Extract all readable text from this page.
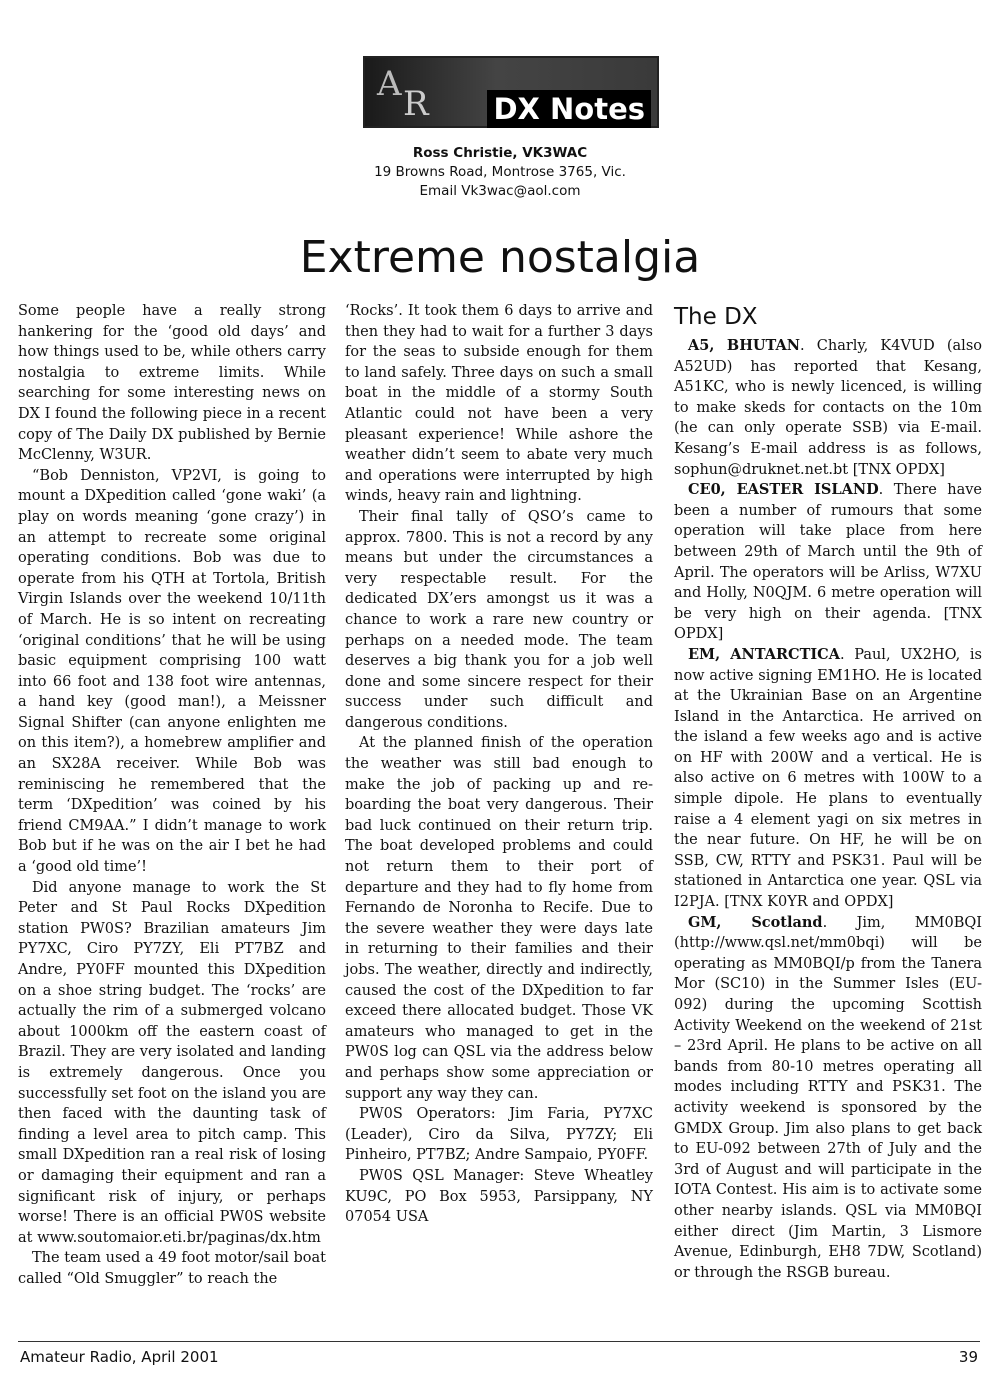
A R DX Notes
Ross Christie, VK3WAC
19 Browns Road, Montrose 3765, Vic.
Email Vk3wac@aol.com
Extreme nostalgia

Some people have a really strong hankering for the ‘good old days’ and how things used to be, while others carry nostalgia to extreme limits. While searching for some interesting news on DX I found the following piece in a recent copy of The Daily DX published by Bernie McClenny, W3UR.

“Bob Denniston, VP2VI, is going to mount a DXpedition called ‘gone waki’ (a play on words meaning ‘gone crazy’) in an attempt to recreate some original operating conditions. Bob was due to operate from his QTH at Tortola, British Virgin Islands over the weekend 10/11th of March. He is so intent on recreating ‘original conditions’ that he will be using basic equipment comprising 100 watt into 66 foot and 138 foot wire antennas, a hand key (good man!), a Meissner Signal Shifter (can anyone enlighten me on this item?), a homebrew amplifier and an SX28A receiver. While Bob was reminiscing he remembered that the term ‘DXpedition’ was coined by his friend CM9AA.” I didn’t manage to work Bob but if he was on the air I bet he had a ‘good old time’!

Did anyone manage to work the St Peter and St Paul Rocks DXpedition station PW0S? Brazilian amateurs Jim PY7XC, Ciro PY7ZY, Eli PT7BZ and Andre, PY0FF mounted this DXpedition on a shoe string budget. The ‘rocks’ are actually the rim of a submerged volcano about 1000km off the eastern coast of Brazil. They are very isolated and landing is extremely dangerous. Once you successfully set foot on the island you are then faced with the daunting task of finding a level area to pitch camp. This small DXpedition ran a real risk of losing or damaging their equipment and ran a significant risk of injury, or perhaps worse! There is an official PW0S website at www.soutomaior.eti.br/paginas/dx.htm

The team used a 49 foot motor/sail boat called “Old Smuggler” to reach the

‘Rocks’. It took them 6 days to arrive and then they had to wait for a further 3 days for the seas to subside enough for them to land safely. Three days on such a small boat in the middle of a stormy South Atlantic could not have been a very pleasant experience! While ashore the weather didn’t seem to abate very much and operations were interrupted by high winds, heavy rain and lightning.

Their final tally of QSO’s came to approx. 7800. This is not a record by any means but under the circumstances a very respectable result. For the dedicated DX’ers amongst us it was a chance to work a rare new country or perhaps on a needed mode. The team deserves a big thank you for a job well done and some sincere respect for their success under such difficult and dangerous conditions.

At the planned finish of the operation the weather was still bad enough to make the job of packing up and re-boarding the boat very dangerous. Their bad luck continued on their return trip. The boat developed problems and could not return them to their port of departure and they had to fly home from Fernando de Noronha to Recife. Due to the severe weather they were days late in returning to their families and their jobs. The weather, directly and indirectly, caused the cost of the DXpedition to far exceed there allocated budget. Those VK amateurs who managed to get in the PW0S log can QSL via the address below and perhaps show some appreciation or support any way they can.

PW0S Operators: Jim Faria, PY7XC (Leader), Ciro da Silva, PY7ZY; Eli Pinheiro, PT7BZ; Andre Sampaio, PY0FF.

PW0S QSL Manager: Steve Wheatley KU9C, PO Box 5953, Parsippany, NY 07054 USA

The DX

A5, BHUTAN. Charly, K4VUD (also A52UD) has reported that Kesang, A51KC, who is newly licenced, is willing to make skeds for contacts on the 10m (he can only operate SSB) via E-mail. Kesang’s E-mail address is as follows, sophun@druknet.net.bt [TNX OPDX]

CE0, EASTER ISLAND. There have been a number of rumours that some operation will take place from here between 29th of March until the 9th of April. The operators will be Arliss, W7XU and Holly, N0QJM. 6 metre operation will be very high on their agenda. [TNX OPDX]

EM, ANTARCTICA. Paul, UX2HO, is now active signing EM1HO. He is located at the Ukrainian Base on an Argentine Island in the Antarctica. He arrived on the island a few weeks ago and is active on HF with 200W and a vertical. He is also active on 6 metres with 100W to a simple dipole. He plans to eventually raise a 4 element yagi on six metres in the near future. On HF, he will be on SSB, CW, RTTY and PSK31. Paul will be stationed in Antarctica one year. QSL via I2PJA. [TNX K0YR and OPDX]

GM, Scotland. Jim, MM0BQI (http://www.qsl.net/mm0bqi) will be operating as MM0BQI/p from the Tanera Mor (SC10) in the Summer Isles (EU-092) during the upcoming Scottish Activity Weekend on the weekend of 21st – 23rd April. He plans to be active on all bands from 80-10 metres operating all modes including RTTY and PSK31. The activity weekend is sponsored by the GMDX Group. Jim also plans to get back to EU-092 between 27th of July and the 3rd of August and will participate in the IOTA Contest. His aim is to activate some other nearby islands. QSL via MM0BQI either direct (Jim Martin, 3 Lismore Avenue, Edinburgh, EH8 7DW, Scotland) or through the RSGB bureau.

Amateur Radio, April 2001	39
